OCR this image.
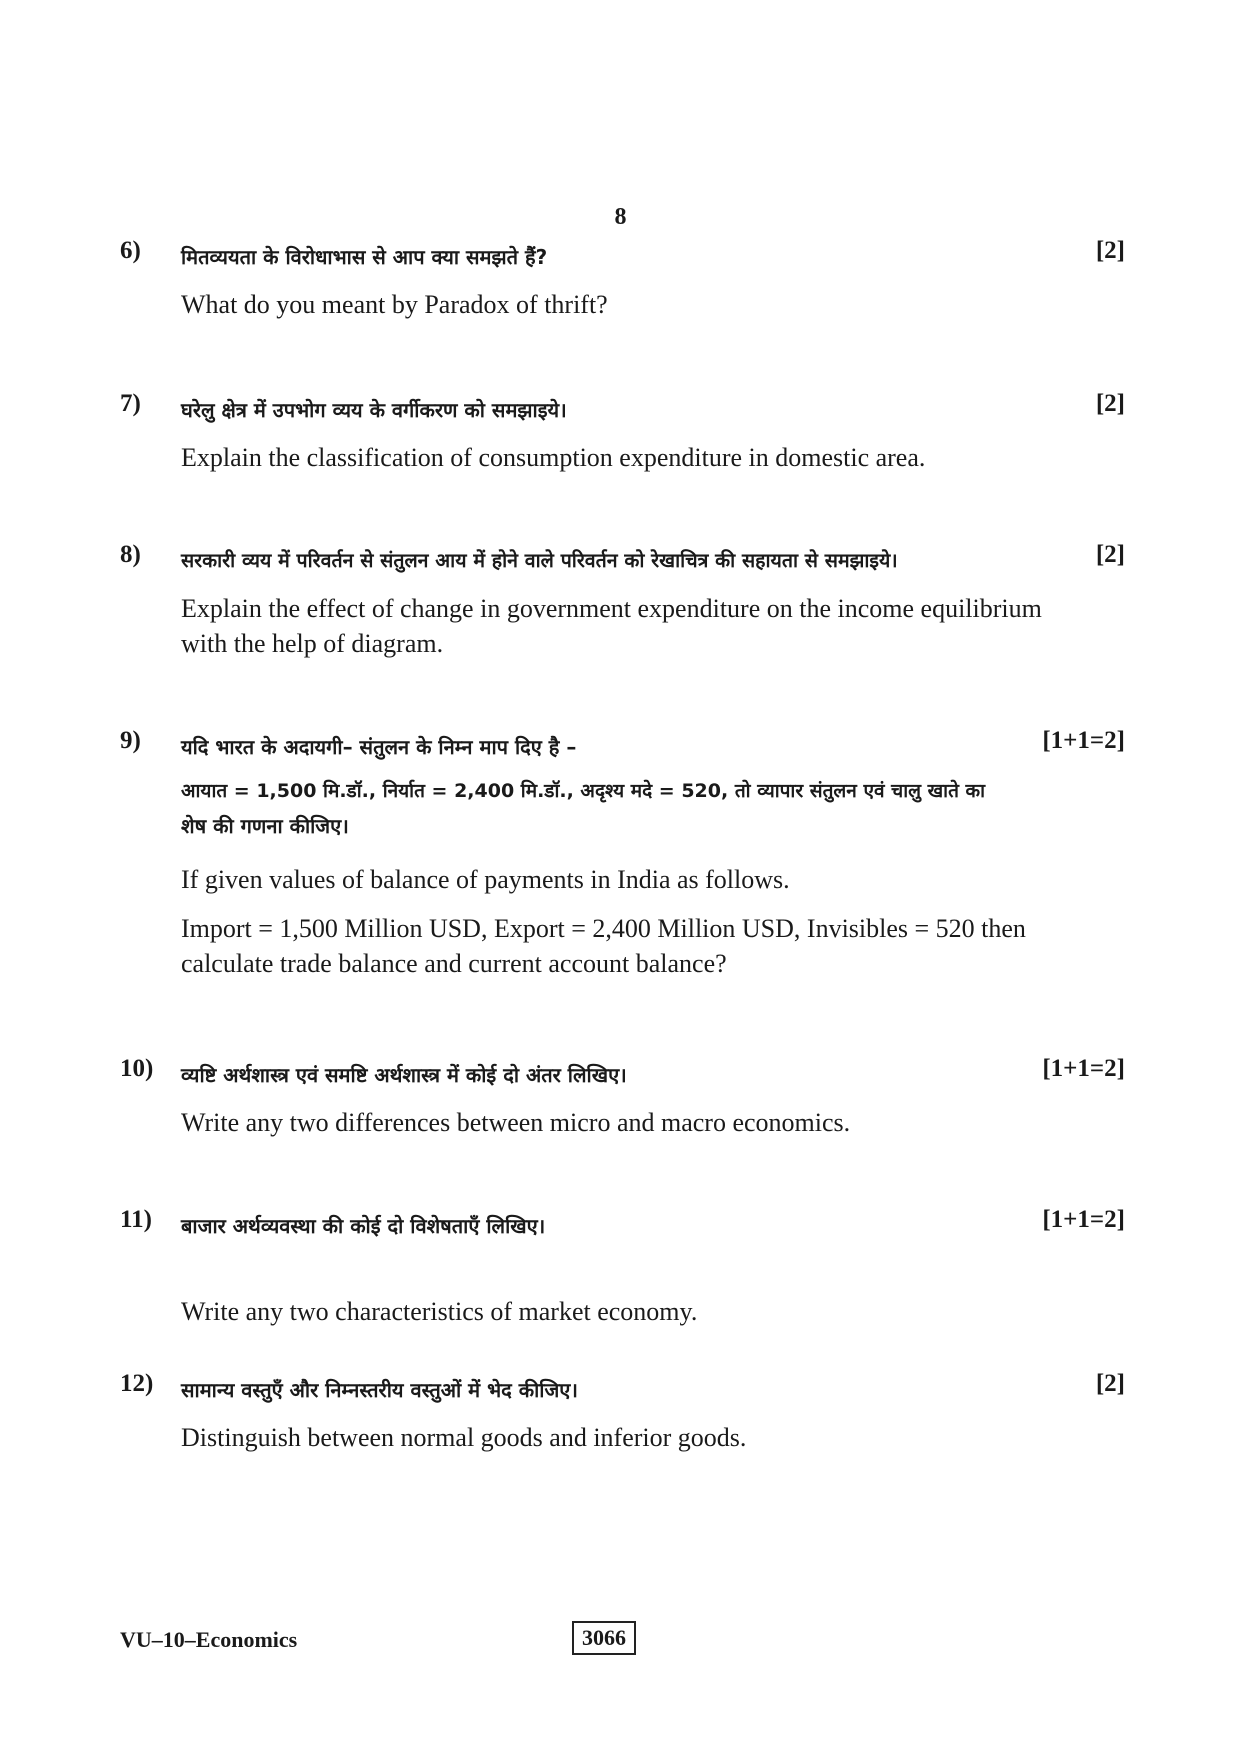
8
6) मितव्ययता के विरोधाभास से आप क्या समझते हैं?	[2]
What do you meant by Paradox of thrift?
7) घरेलु क्षेत्र में उपभोग व्यय के वर्गीकरण को समझाइये।	[2]
Explain the classification of consumption expenditure in domestic area.
8) सरकारी व्यय में परिवर्तन से संतुलन आय में होने वाले परिवर्तन को रेखाचित्र की सहायता से समझाइये।	[2]
Explain the effect of change in government expenditure on the income equilibrium
with the help of diagram.
9) यदि भारत के अदायगी– संतुलन के निम्न माप दिए है –	[1+1=2]
आयात = 1,500 मि.डॉ., निर्यात = 2,400 मि.डॉ., अदृश्य मदे = 520, तो व्यापार संतुलन एवं चालु खाते का
शेष की गणना कीजिए।
If given values of balance of payments in India as follows.
Import = 1,500 Million USD, Export = 2,400 Million USD, Invisibles = 520 then
calculate trade balance and current account balance?
10) व्यष्टि अर्थशास्त्र एवं समष्टि अर्थशास्त्र में कोई दो अंतर लिखिए।	[1+1=2]
Write any two differences between micro and macro economics.
11) बाजार अर्थव्यवस्था की कोई दो विशेषताएँ लिखिए।	[1+1=2]
Write any two characteristics of market economy.
12) सामान्य वस्तुएँ और निम्नस्तरीय वस्तुओं में भेद कीजिए।	[2]
Distinguish between normal goods and inferior goods.
VU–10–Economics	3066
